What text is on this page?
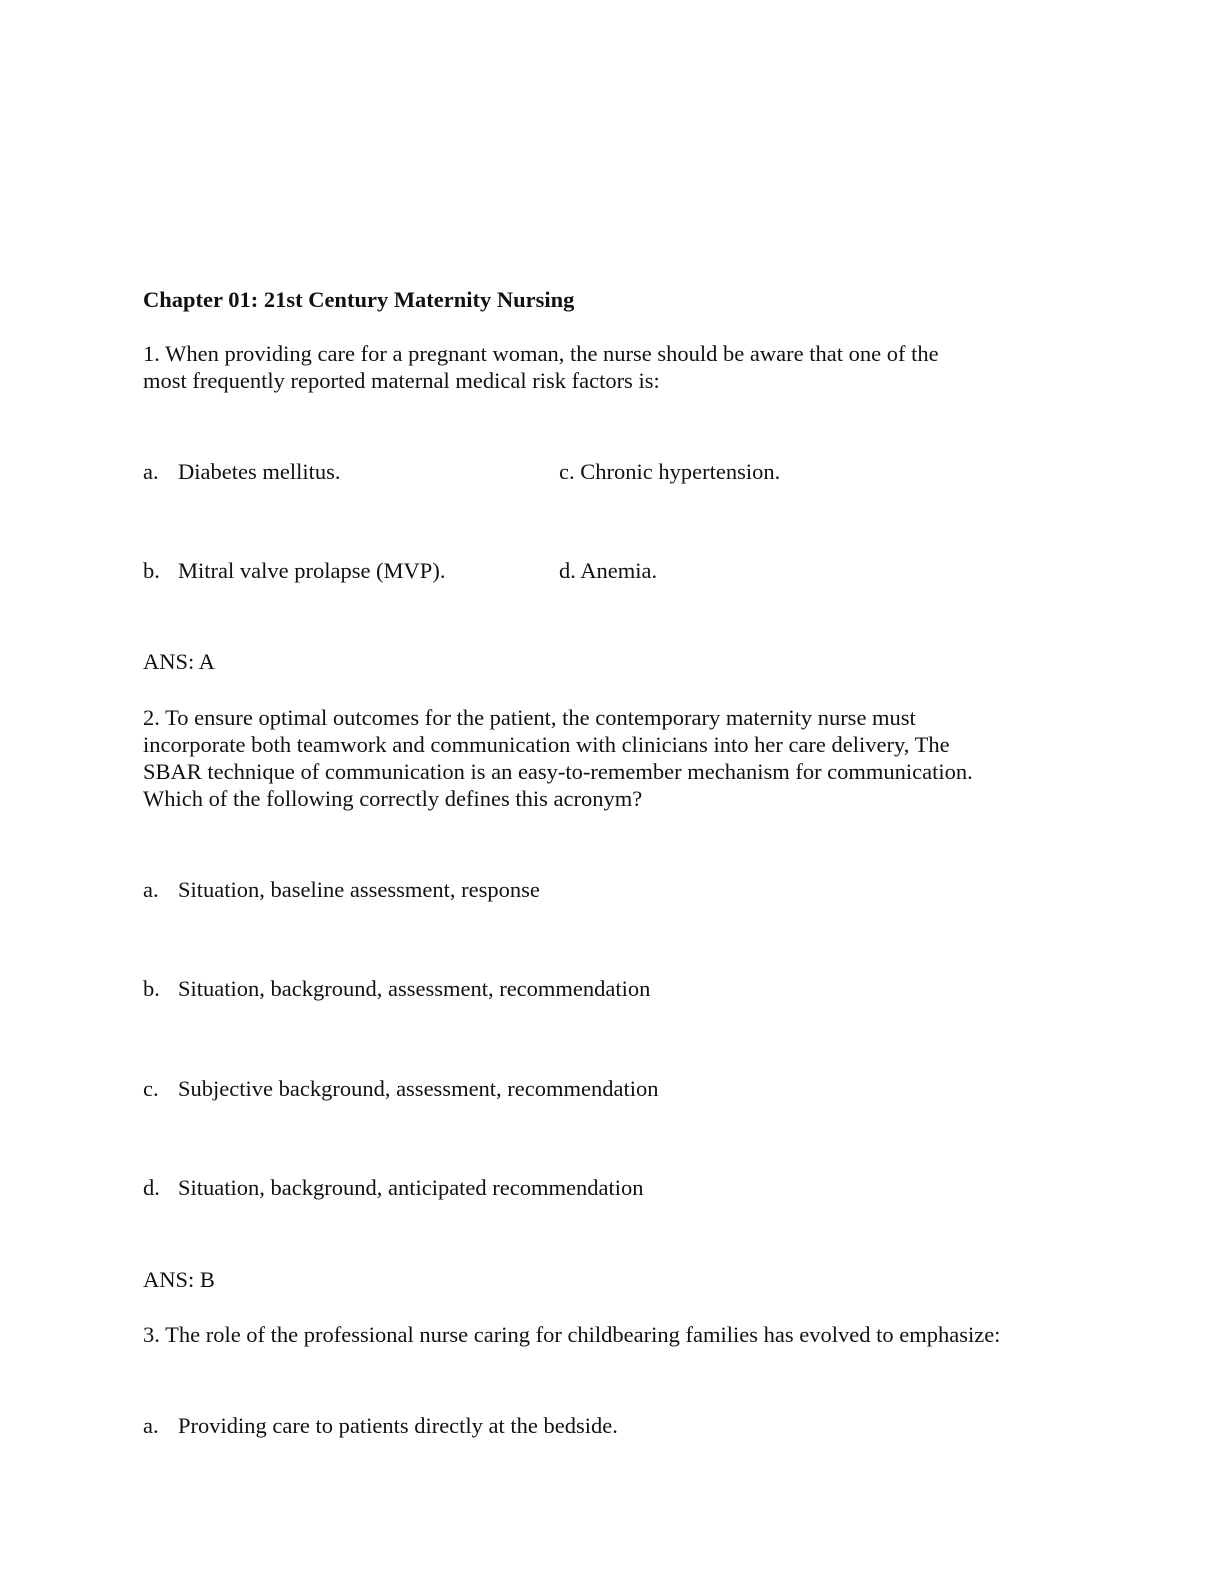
Chapter 01: 21st Century Maternity Nursing
1. When providing care for a pregnant woman, the nurse should be aware that one of the
most frequently reported maternal medical risk factors is:
a. Diabetes mellitus.	c. Chronic hypertension.
b. Mitral valve prolapse (MVP).	d. Anemia.
ANS: A
2. To ensure optimal outcomes for the patient, the contemporary maternity nurse must
incorporate both teamwork and communication with clinicians into her care delivery, The
SBAR technique of communication is an easy-to-remember mechanism for communication.
Which of the following correctly defines this acronym?
a. Situation, baseline assessment, response
b. Situation, background, assessment, recommendation
c. Subjective background, assessment, recommendation
d. Situation, background, anticipated recommendation
ANS: B
3. The role of the professional nurse caring for childbearing families has evolved to emphasize:
a. Providing care to patients directly at the bedside.
